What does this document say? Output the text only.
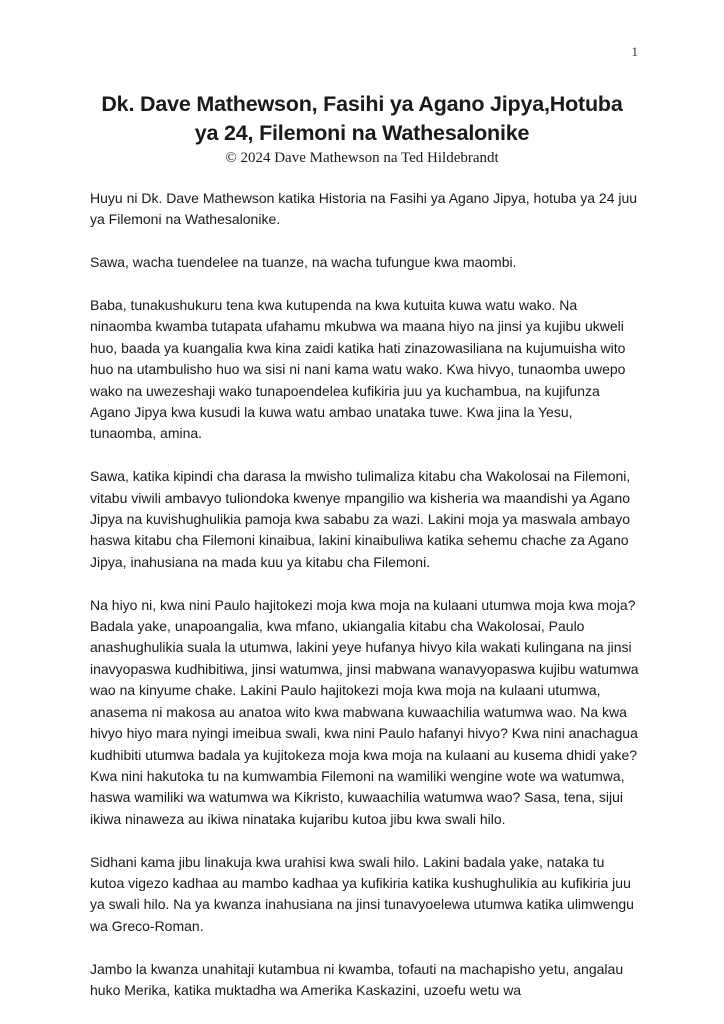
1
Dk. Dave Mathewson, Fasihi ya Agano Jipya,Hotuba
ya 24, Filemoni na Wathesalonike
© 2024 Dave Mathewson na Ted Hildebrandt

Huyu ni Dk. Dave Mathewson katika Historia na Fasihi ya Agano Jipya, hotuba ya 24 juu ya Filemoni na Wathesalonike.

Sawa, wacha tuendelee na tuanze, na wacha tufungue kwa maombi.

Baba, tunakushukuru tena kwa kutupenda na kwa kutuita kuwa watu wako. Na ninaomba kwamba tutapata ufahamu mkubwa wa maana hiyo na jinsi ya kujibu ukweli huo, baada ya kuangalia kwa kina zaidi katika hati zinazowasiliana na kujumuisha wito huo na utambulisho huo wa sisi ni nani kama watu wako. Kwa hivyo, tunaomba uwepo wako na uwezeshaji wako tunapoendelea kufikiria juu ya kuchambua, na kujifunza Agano Jipya kwa kusudi la kuwa watu ambao unataka tuwe. Kwa jina la Yesu, tunaomba, amina.

Sawa, katika kipindi cha darasa la mwisho tulimaliza kitabu cha Wakolosai na Filemoni, vitabu viwili ambavyo tuliondoka kwenye mpangilio wa kisheria wa maandishi ya Agano Jipya na kuvishughulikia pamoja kwa sababu za wazi. Lakini moja ya maswala ambayo haswa kitabu cha Filemoni kinaibua, lakini kinaibuliwa katika sehemu chache za Agano Jipya, inahusiana na mada kuu ya kitabu cha Filemoni.

Na hiyo ni, kwa nini Paulo hajitokezi moja kwa moja na kulaani utumwa moja kwa moja? Badala yake, unapoangalia, kwa mfano, ukiangalia kitabu cha Wakolosai, Paulo anashughulikia suala la utumwa, lakini yeye hufanya hivyo kila wakati kulingana na jinsi inavyopaswa kudhibitiwa, jinsi watumwa, jinsi mabwana wanavyopaswa kujibu watumwa wao na kinyume chake. Lakini Paulo hajitokezi moja kwa moja na kulaani utumwa, anasema ni makosa au anatoa wito kwa mabwana kuwaachilia watumwa wao. Na kwa hivyo hiyo mara nyingi imeibua swali, kwa nini Paulo hafanyi hivyo? Kwa nini anachagua kudhibiti utumwa badala ya kujitokeza moja kwa moja na kulaani au kusema dhidi yake? Kwa nini hakutoka tu na kumwambia Filemoni na wamiliki wengine wote wa watumwa, haswa wamiliki wa watumwa wa Kikristo, kuwaachilia watumwa wao? Sasa, tena, sijui ikiwa ninaweza au ikiwa ninataka kujaribu kutoa jibu kwa swali hilo.

Sidhani kama jibu linakuja kwa urahisi kwa swali hilo. Lakini badala yake, nataka tu kutoa vigezo kadhaa au mambo kadhaa ya kufikiria katika kushughulikia au kufikiria juu ya swali hilo. Na ya kwanza inahusiana na jinsi tunavyoelewa utumwa katika ulimwengu wa Greco-Roman.

Jambo la kwanza unahitaji kutambua ni kwamba, tofauti na machapisho yetu, angalau huko Merika, katika muktadha wa Amerika Kaskazini, uzoefu wetu wa
